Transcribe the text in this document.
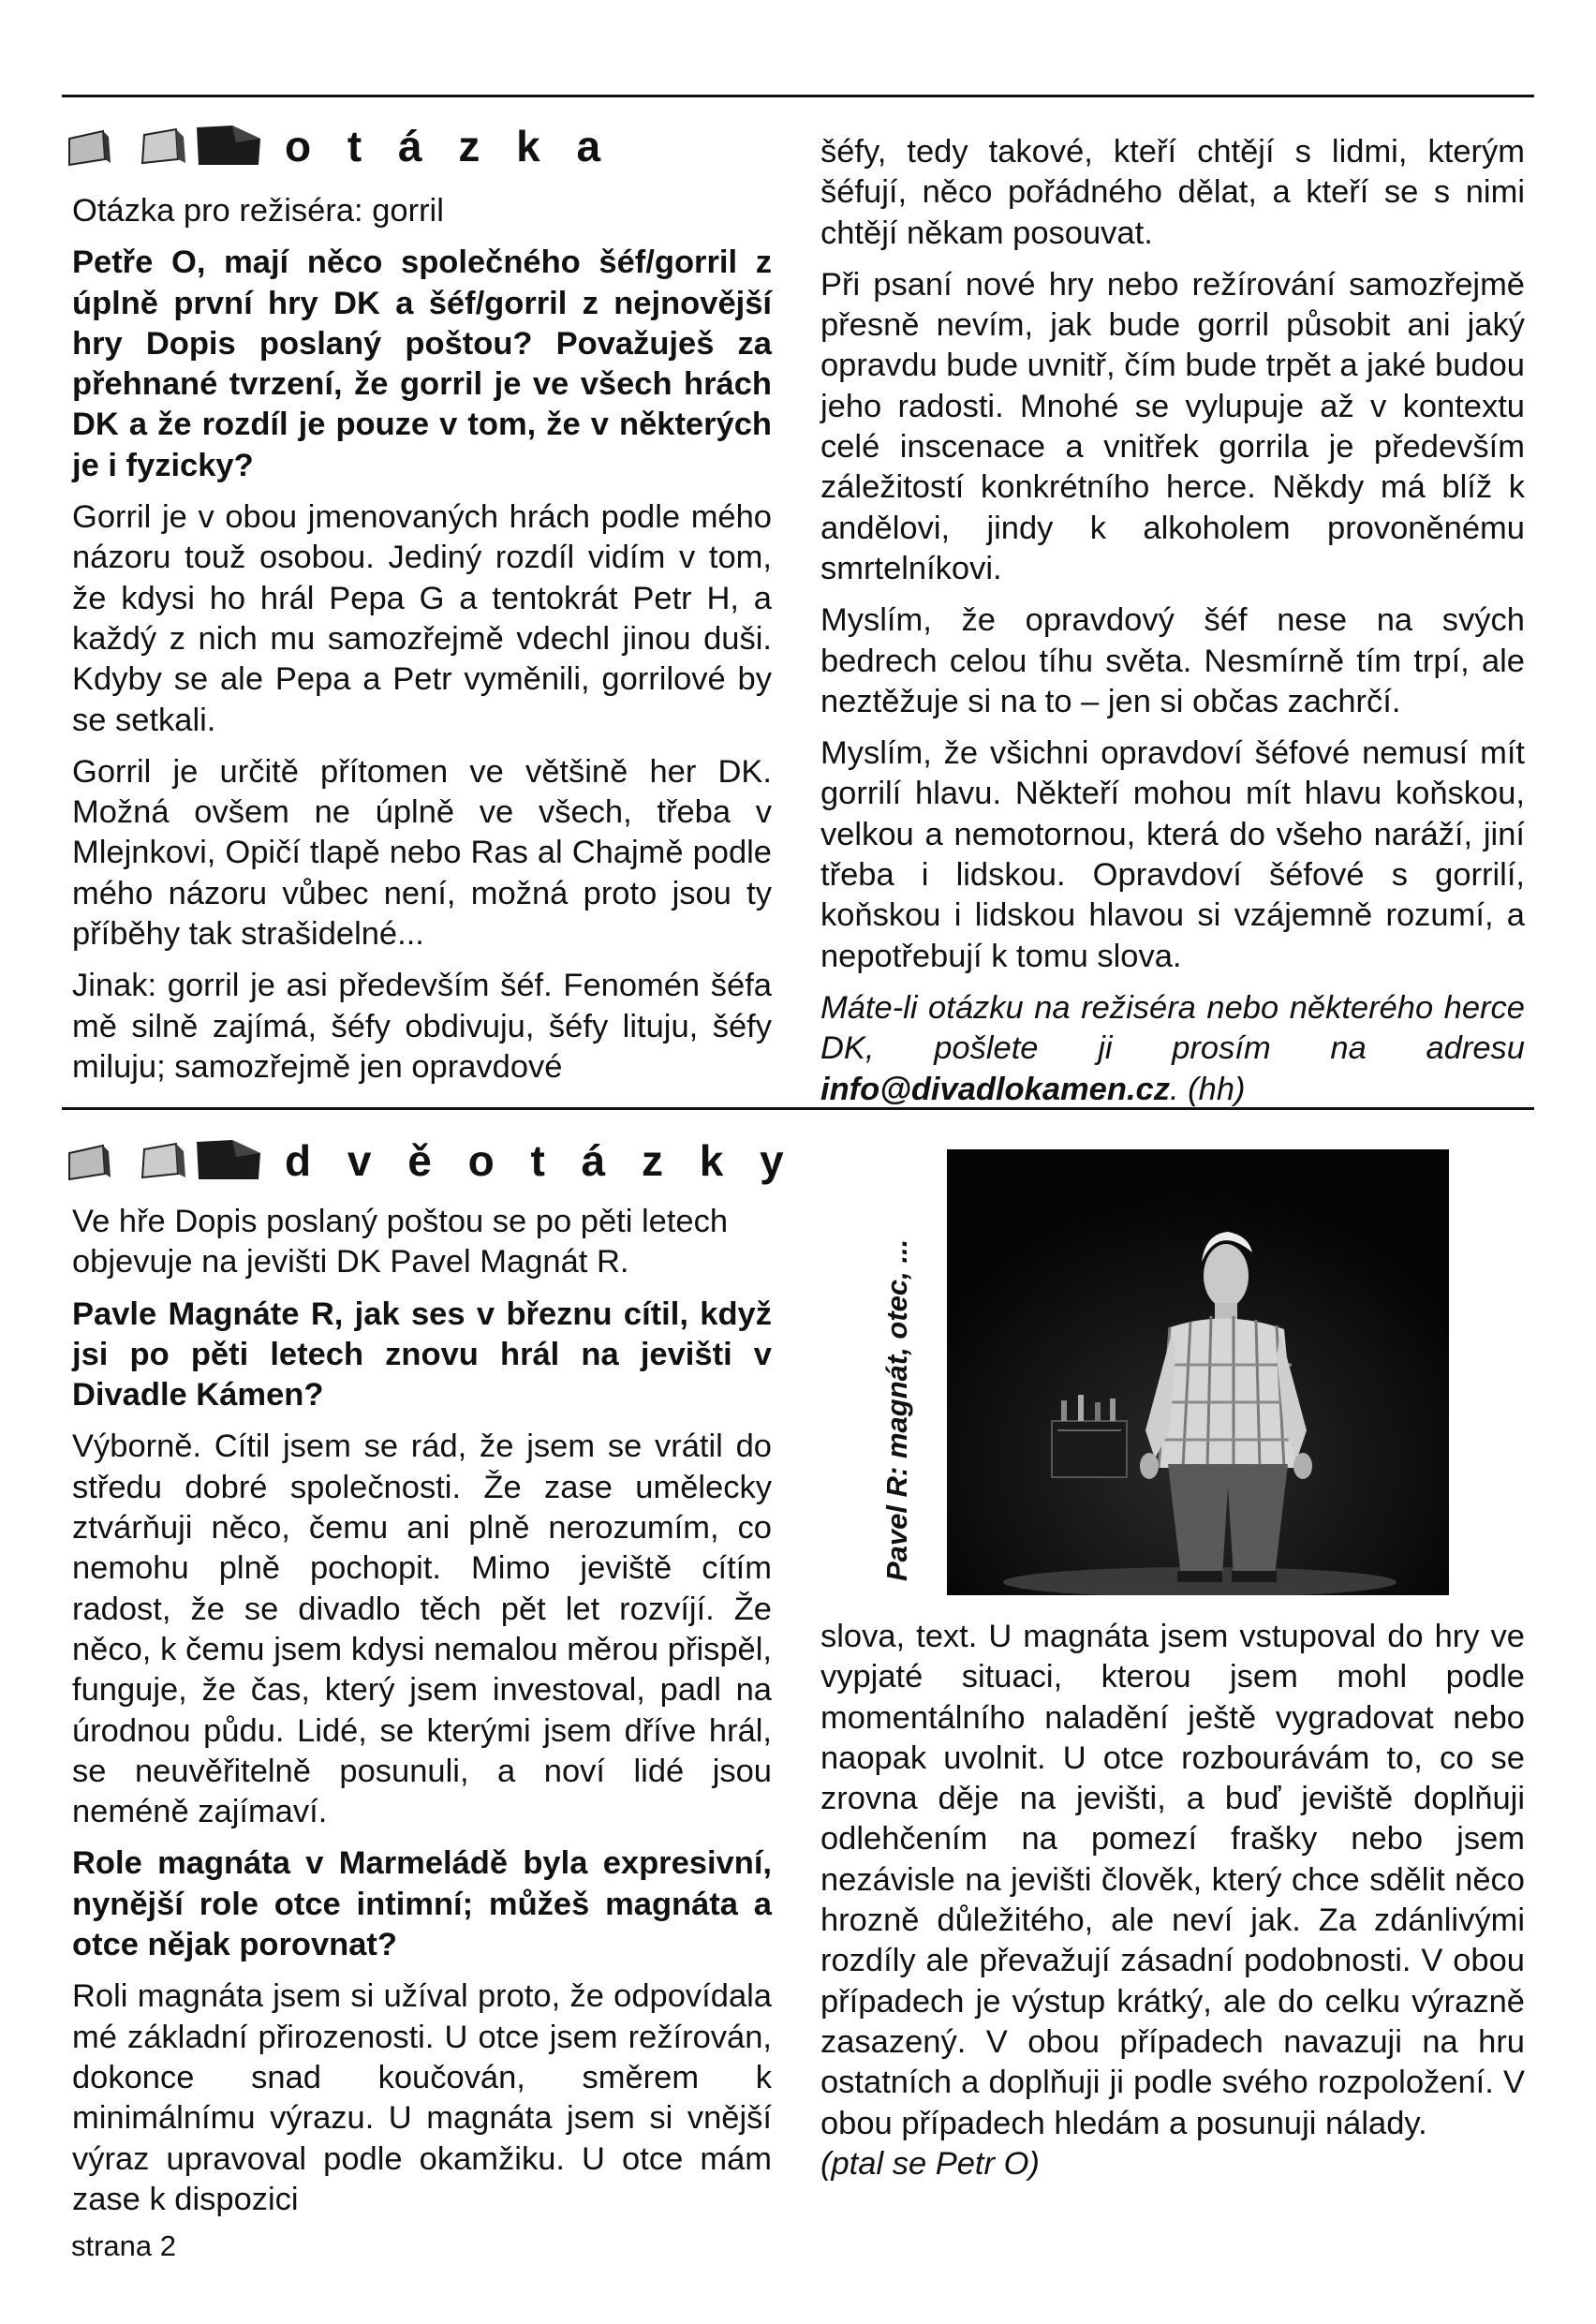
o t á z k a

Otázka pro režiséra: gorril

Petře O, mají něco společného šéf/gorril z úplně první hry DK a šéf/gorril z nejnovější hry Dopis poslaný poštou? Považuješ za přehnané tvrzení, že gorril je ve všech hrách DK a že rozdíl je pouze v tom, že v některých je i fyzicky?

Gorril je v obou jmenovaných hrách podle mého názoru touž osobou. Jediný rozdíl vidím v tom, že kdysi ho hrál Pepa G a tentokrát Petr H, a každý z nich mu samozřejmě vdechl jinou duši. Kdyby se ale Pepa a Petr vyměnili, gorrilové by se setkali.

Gorril je určitě přítomen ve většině her DK. Možná ovšem ne úplně ve všech, třeba v Mlejnkovi, Opičí tlapě nebo Ras al Chajmě podle mého názoru vůbec není, možná proto jsou ty příběhy tak strašidelné...

Jinak: gorril je asi především šéf. Fenomén šéfa mě silně zajímá, šéfy obdivuju, šéfy lituju, šéfy miluju; samozřejmě jen opravdové

šéfy, tedy takové, kteří chtějí s lidmi, kterým šéfují, něco pořádného dělat, a kteří se s nimi chtějí někam posouvat.

Při psaní nové hry nebo režírování samozřejmě přesně nevím, jak bude gorril působit ani jaký opravdu bude uvnitř, čím bude trpět a jaké budou jeho radosti. Mnohé se vylupuje až v kontextu celé inscenace a vnitřek gorrila je především záležitostí konkrétního herce. Někdy má blíž k andělovi, jindy k alkoholem provoněnému smrtelníkovi.

Myslím, že opravdový šéf nese na svých bedrech celou tíhu světa. Nesmírně tím trpí, ale neztěžuje si na to – jen si občas zachrčí.

Myslím, že všichni opravdoví šéfové nemusí mít gorrilí hlavu. Někteří mohou mít hlavu koňskou, velkou a nemotornou, která do všeho naráží, jiní třeba i lidskou. Opravdoví šéfové s gorrilí, koňskou i lidskou hlavou si vzájemně rozumí, a nepotřebují k tomu slova.

Máte-li otázku na režiséra nebo některého herce DK, pošlete ji prosím na adresu info@divadlokamen.cz. (hh)

d v ě o t á z k y

Ve hře Dopis poslaný poštou se po pěti letech objevuje na jevišti DK Pavel Magnát R.

Pavle Magnáte R, jak ses v březnu cítil, když jsi po pěti letech znovu hrál na jevišti v Divadle Kámen?

Výborně. Cítil jsem se rád, že jsem se vrátil do středu dobré společnosti. Že zase umělecky ztvárňuji něco, čemu ani plně nerozumím, co nemohu plně pochopit. Mimo jeviště cítím radost, že se divadlo těch pět let rozvíjí. Že něco, k čemu jsem kdysi nemalou měrou přispěl, funguje, že čas, který jsem investoval, padl na úrodnou půdu. Lidé, se kterými jsem dříve hrál, se neuvěřitelně posunuli, a noví lidé jsou neméně zajímaví.

Role magnáta v Marmeládě byla expresivní, nynější role otce intimní; můžeš magnáta a otce nějak porovnat?

Roli magnáta jsem si užíval proto, že odpovídala mé základní přirozenosti. U otce jsem režírován, dokonce snad koučován, směrem k minimálnímu výrazu. U magnáta jsem si vnější výraz upravoval podle okamžiku. U otce mám zase k dispozici

Pavel R: magnát, otec, ...

slova, text. U magnáta jsem vstupoval do hry ve vypjaté situaci, kterou jsem mohl podle momentálního naladění ještě vygradovat nebo naopak uvolnit. U otce rozbourávám to, co se zrovna děje na jevišti, a buď jeviště doplňuji odlehčením na pomezí frašky nebo jsem nezávisle na jevišti člověk, který chce sdělit něco hrozně důležitého, ale neví jak. Za zdánlivými rozdíly ale převažují zásadní podobnosti. V obou případech je výstup krátký, ale do celku výrazně zasazený. V obou případech navazuji na hru ostatních a doplňuji ji podle svého rozpoložení. V obou případech hledám a posunuji nálady.

(ptal se Petr O)

strana 2
